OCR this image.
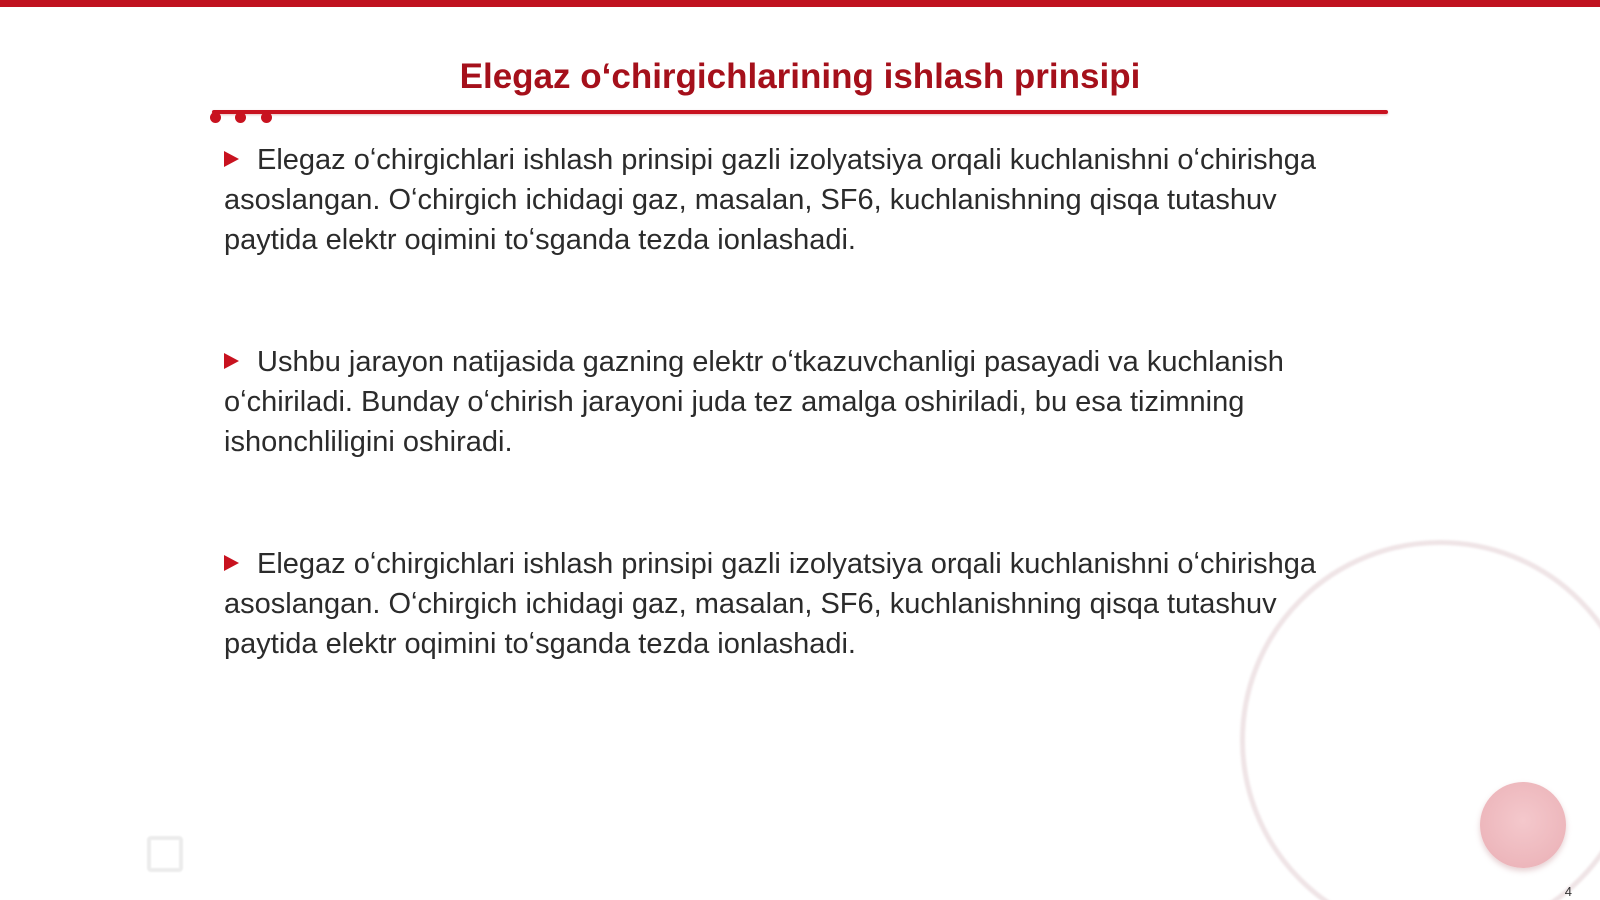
Elegaz oʻchirgichlarining ishlash prinsipi

Elegaz oʻchirgichlari ishlash prinsipi gazli izolyatsiya orqali kuchlanishni oʻchirishga asoslangan. Oʻchirgich ichidagi gaz, masalan, SF6, kuchlanishning qisqa tutashuv paytida elektr oqimini toʻsganda tezda ionlashadi.

Ushbu jarayon natijasida gazning elektr oʻtkazuvchanligi pasayadi va kuchlanish oʻchiriladi. Bunday oʻchirish jarayoni juda tez amalga oshiriladi, bu esa tizimning ishonchliligini oshiradi.

Elegaz oʻchirgichlari ishlash prinsipi gazli izolyatsiya orqali kuchlanishni oʻchirishga asoslangan. Oʻchirgich ichidagi gaz, masalan, SF6, kuchlanishning qisqa tutashuv paytida elektr oqimini toʻsganda tezda ionlashadi.

4
